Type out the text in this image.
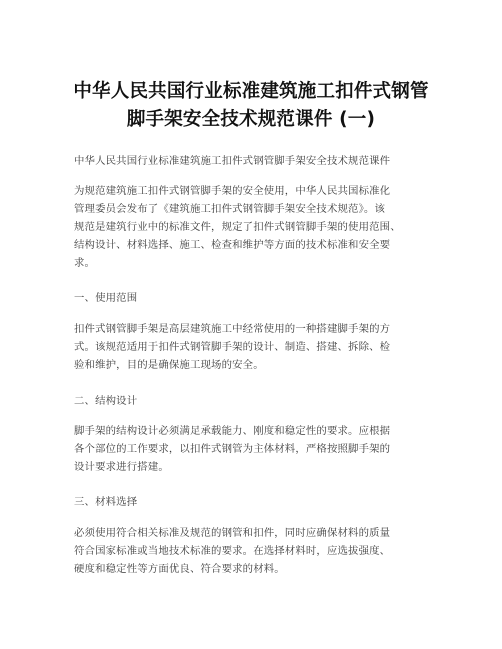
中华人民共国行业标准建筑施工扣件式钢管
脚手架安全技术规范课件 (一)
中华人民共国行业标准建筑施工扣件式钢管脚手架安全技术规范课件
为规范建筑施工扣件式钢管脚手架的安全使用，中华人民共国标准化
管理委员会发布了《建筑施工扣件式钢管脚手架安全技术规范》。该
规范是建筑行业中的标准文件，规定了扣件式钢管脚手架的使用范围、
结构设计、材料选择、施工、检查和维护等方面的技术标准和安全要
求。
一、使用范围
扣件式钢管脚手架是高层建筑施工中经常使用的一种搭建脚手架的方
式。该规范适用于扣件式钢管脚手架的设计、制造、搭建、拆除、检
验和维护，目的是确保施工现场的安全。
二、结构设计
脚手架的结构设计必须满足承载能力、刚度和稳定性的要求。应根据
各个部位的工作要求，以扣件式钢管为主体材料，严格按照脚手架的
设计要求进行搭建。
三、材料选择
必须使用符合相关标准及规范的钢管和扣件，同时应确保材料的质量
符合国家标准或当地技术标准的要求。在选择材料时，应选拔强度、
硬度和稳定性等方面优良、符合要求的材料。
